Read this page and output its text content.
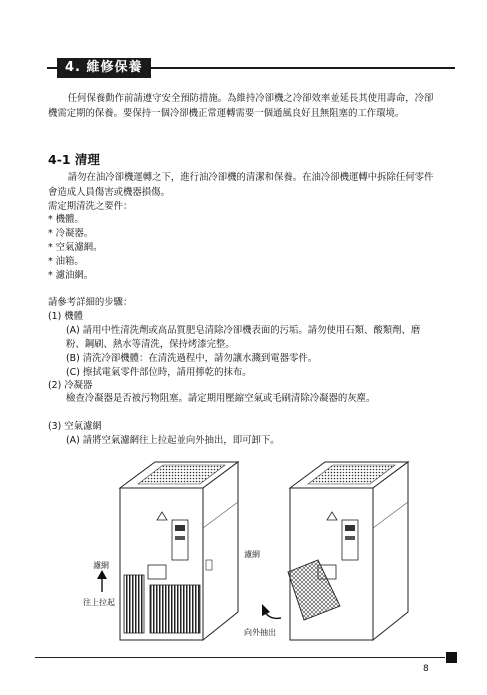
4. 維修保養

任何保養動作前請遵守安全預防措施。為維持冷卻機之冷卻效率並延長其使用壽命，冷卻機需定期的保養。要保持一個冷卻機正常運轉需要一個通風良好且無阻塞的工作環境。

4-1 清理

請勿在油冷卻機運轉之下，進行油冷卻機的清潔和保養。在油冷卻機運轉中拆除任何零件會造成人員傷害或機器損傷。

需定期清洗之要件：
* 機體。
* 冷凝器。
* 空氣濾網。
* 油箱。
* 濾油網。
請參考詳細的步驟：
(1) 機體
(A) 請用中性清洗劑或高品質肥皂清除冷卻機表面的污垢。請勿使用石類、酸類劑、磨粉、鋼刷、熱水等清洗，保持烤漆完整。
(B) 清洗冷卻機體：在清洗過程中，請勿讓水濺到電器零件。
(C) 擦拭電氣零件部位時，請用擰乾的抹布。
(2) 冷凝器
檢查冷凝器是否被污物阻塞。請定期用壓縮空氣或毛刷清除冷凝器的灰塵。
(3) 空氣濾網
(A) 請將空氣濾網往上拉起並向外抽出，即可卸下。
濾網
往上拉起
濾網
向外抽出
8
